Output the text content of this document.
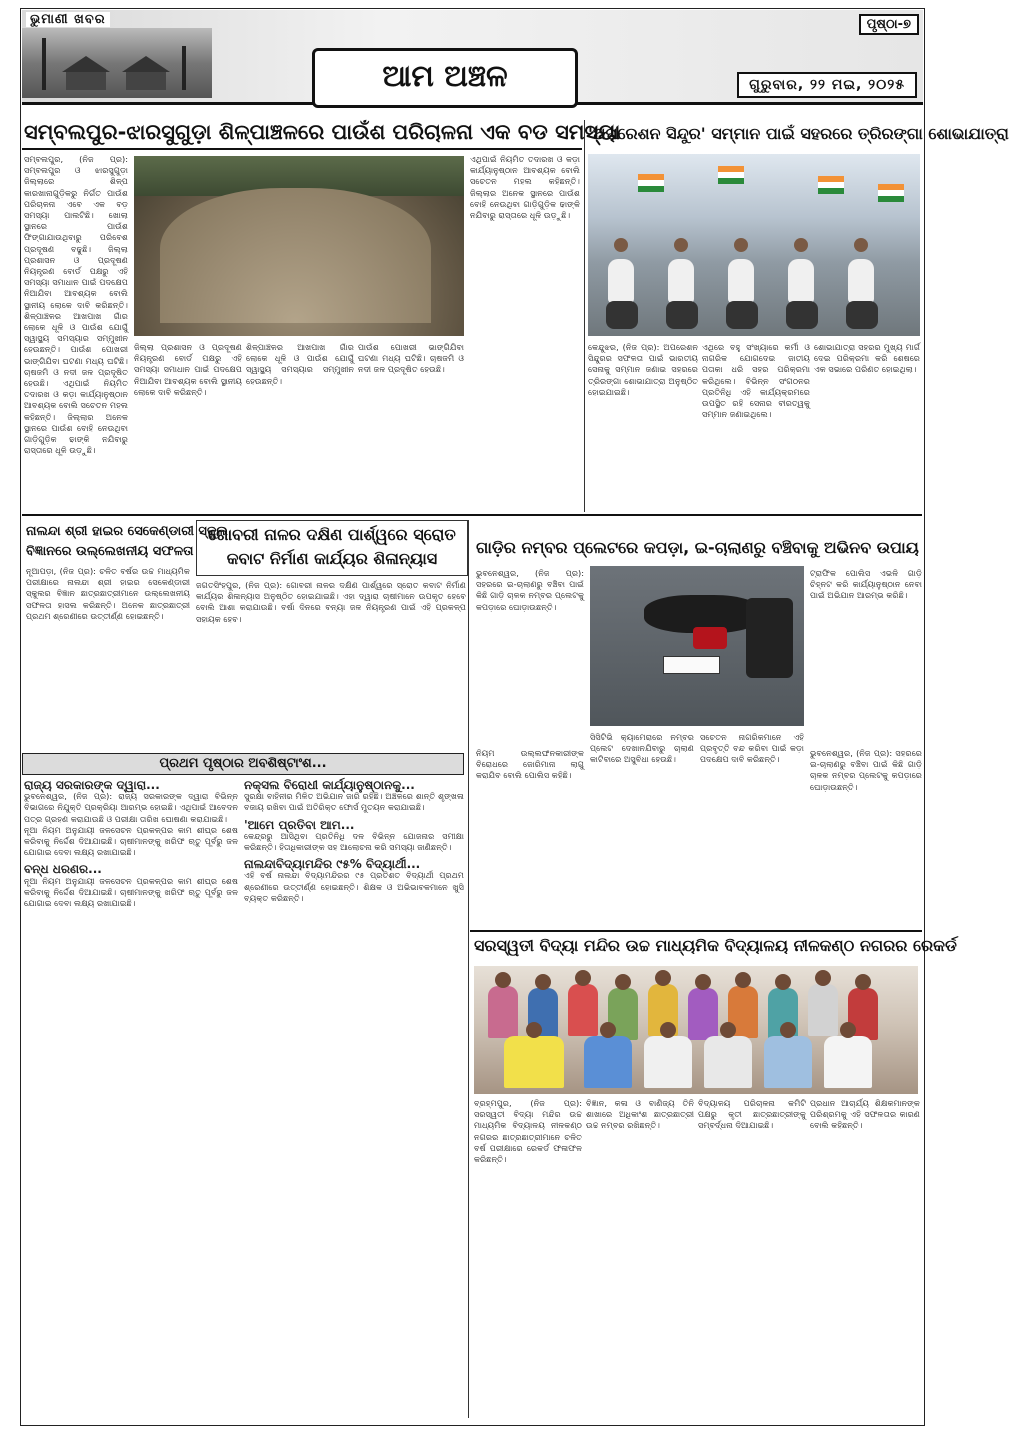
ଭୁମାଣୀ ଖବର
ଆମ ଅଞ୍ଚଳ
ପୃଷ୍ଠା-୭
ଗୁରୁବାର, ୨୨ ମଇ, ୨୦୨୫
ସମ୍ବଲପୁର-ଝାରସୁଗୁଡ଼ା ଶିଳ୍ପାଞ୍ଚଳରେ ପାଉଁଶ ପରିଚାଳନା ଏକ ବଡ ସମସ୍ୟା
ସମ୍ବଲପୁର, (ନିଜ ପ୍ର): ସମ୍ବଲପୁର ଓ ଝାରସୁଗୁଡ଼ା ଜିଲ୍ଲାରେ ଶିଳ୍ପ କାରଖାନାଗୁଡ଼ିକରୁ ନିର୍ଗତ ପାଉଁଶ ପରିଚାଳନା ଏବେ ଏକ ବଡ଼ ସମସ୍ୟା ପାଲଟିଛି। ଖୋଲା ସ୍ଥାନରେ ପାଉଁଶ ଫିଙ୍ଗାଯାଉଥିବାରୁ ପରିବେଶ ପ୍ରଦୂଷଣ ବଢୁଛି। ଜିଲ୍ଲା ପ୍ରଶାସନ ଓ ପ୍ରଦୂଷଣ ନିୟନ୍ତ୍ରଣ ବୋର୍ଡ ପକ୍ଷରୁ ଏହି ସମସ୍ୟା ସମାଧାନ ପାଇଁ ପଦକ୍ଷେପ ନିଆଯିବା ଆବଶ୍ୟକ ବୋଲି ସ୍ଥାନୀୟ ଲୋକେ ଦାବି କରିଛନ୍ତି। ଶିଳ୍ପାଞ୍ଚଳର ଆଖପାଖ ଗାଁର ଲୋକେ ଧୂଳି ଓ ପାଉଁଶ ଯୋଗୁଁ ସ୍ୱାସ୍ଥ୍ୟ ସମସ୍ୟାର ସମ୍ମୁଖୀନ ହେଉଛନ୍ତି। ପାଉଁଶ ପୋଖରୀ ଭାଙ୍ଗିଯିବା ଘଟଣା ମଧ୍ୟ ଘଟିଛି। ଚାଷଜମି ଓ ନଦୀ ଜଳ ପ୍ରଦୂଷିତ ହେଉଛି। ଏଥିପାଇଁ ନିୟମିତ ତଦାରଖ ଓ କଡ଼ା କାର୍ଯ୍ୟାନୁଷ୍ଠାନ ଆବଶ୍ୟକ ବୋଲି ସଚେତନ ମହଲ କହିଛନ୍ତି। ଜିଲ୍ଲାର ଅନେକ ସ୍ଥାନରେ ପାଉଁଶ ବୋହି ନେଉଥିବା ଗାଡ଼ିଗୁଡ଼ିକ ଢାଙ୍କି ନଯିବାରୁ ରାସ୍ତାରେ ଧୂଳି ଉଡ଼ୁଛି।
ଜିଲ୍ଲା ପ୍ରଶାସନ ଓ ପ୍ରଦୂଷଣ ନିୟନ୍ତ୍ରଣ ବୋର୍ଡ ପକ୍ଷରୁ ଏହି ସମସ୍ୟା ସମାଧାନ ପାଇଁ ପଦକ୍ଷେପ ନିଆଯିବା ଆବଶ୍ୟକ ବୋଲି ସ୍ଥାନୀୟ ଲୋକେ ଦାବି କରିଛନ୍ତି।
ଶିଳ୍ପାଞ୍ଚଳର ଆଖପାଖ ଗାଁର ଲୋକେ ଧୂଳି ଓ ପାଉଁଶ ଯୋଗୁଁ ସ୍ୱାସ୍ଥ୍ୟ ସମସ୍ୟାର ସମ୍ମୁଖୀନ ହେଉଛନ୍ତି।
ପାଉଁଶ ପୋଖରୀ ଭାଙ୍ଗିଯିବା ଘଟଣା ମଧ୍ୟ ଘଟିଛି। ଚାଷଜମି ଓ ନଦୀ ଜଳ ପ୍ରଦୂଷିତ ହେଉଛି।
ଏଥିପାଇଁ ନିୟମିତ ତଦାରଖ ଓ କଡ଼ା କାର୍ଯ୍ୟାନୁଷ୍ଠାନ ଆବଶ୍ୟକ ବୋଲି ସଚେତନ ମହଲ କହିଛନ୍ତି। ଜିଲ୍ଲାର ଅନେକ ସ୍ଥାନରେ ପାଉଁଶ ବୋହି ନେଉଥିବା ଗାଡ଼ିଗୁଡ଼ିକ ଢାଙ୍କି ନଯିବାରୁ ରାସ୍ତାରେ ଧୂଳି ଉଡ଼ୁଛି।
'ଅପରେଶନ ସିନ୍ଦୁର' ସମ୍ମାନ ପାଇଁ ସହରରେ ତ୍ରିରଙ୍ଗା ଶୋଭାଯାତ୍ରା
କେନ୍ଦୁଝର, (ନିଜ ପ୍ର): ଅପରେଶନ ସିନ୍ଦୁରର ସଫଳତା ପାଇଁ ଭାରତୀୟ ସେନାକୁ ସମ୍ମାନ ଜଣାଇ ସହରରେ ତ୍ରିରଙ୍ଗା ଶୋଭାଯାତ୍ରା ଅନୁଷ୍ଠିତ ହୋଇଯାଇଛି।
ଏଥିରେ ବହୁ ସଂଖ୍ୟାରେ କର୍ମୀ ଓ ନାଗରିକ ଯୋଗଦେଇ ଜାତୀୟ ପତାକା ଧରି ସହର ପରିକ୍ରମା କରିଥିଲେ। ବିଭିନ୍ନ ସଂଗଠନର ପ୍ରତିନିଧି ଏହି କାର୍ଯ୍ୟକ୍ରମରେ ଉପସ୍ଥିତ ରହି ସେନାର ବୀରତ୍ୱକୁ ସମ୍ମାନ ଜଣାଇଥିଲେ।
ଶୋଭାଯାତ୍ରା ସହରର ମୁଖ୍ୟ ମାର୍ଗ ଦେଇ ପରିକ୍ରମା କରି ଶେଷରେ ଏକ ସଭାରେ ପରିଣତ ହୋଇଥିଲା।
ନାଲନ୍ଦା ଶ୍ରୀ ହାଇର ସେକେଣ୍ଡାରୀ ସ୍କୁଲ
ବିଜ୍ଞାନରେ ଉଲ୍ଲେଖନୀୟ ସଫଳତା
ନୂଆପଡ଼ା, (ନିଜ ପ୍ର): ଚଳିତ ବର୍ଷର ଉଚ୍ଚ ମାଧ୍ୟମିକ ପରୀକ୍ଷାରେ ନାଲନ୍ଦା ଶ୍ରୀ ହାଇର ସେକେଣ୍ଡାରୀ ସ୍କୁଲର ବିଜ୍ଞାନ ଛାତ୍ରଛାତ୍ରୀମାନେ ଉଲ୍ଲେଖନୀୟ ସଫଳତା ହାସଲ କରିଛନ୍ତି। ଅନେକ ଛାତ୍ରଛାତ୍ରୀ ପ୍ରଥମ ଶ୍ରେଣୀରେ ଉତ୍ତୀର୍ଣ୍ଣ ହୋଇଛନ୍ତି।
ଗୋବରୀ ନାଳର ଦକ୍ଷିଣ ପାର୍ଶ୍ୱରେ ସ୍ରୋତ
କବାଟ ନିର୍ମାଣ କାର୍ଯ୍ୟର ଶିଳାନ୍ୟାସ
ଜଗତସିଂହପୁର, (ନିଜ ପ୍ର): ଗୋବରୀ ନାଳର ଦକ୍ଷିଣ ପାର୍ଶ୍ୱରେ ସ୍ରୋତ କବାଟ ନିର୍ମାଣ କାର୍ଯ୍ୟର ଶିଳାନ୍ୟାସ ଅନୁଷ୍ଠିତ ହୋଇଯାଇଛି। ଏହା ଦ୍ୱାରା ଚାଷୀମାନେ ଉପକୃତ ହେବେ ବୋଲି ଆଶା କରାଯାଉଛି। ବର୍ଷା ଦିନରେ ବନ୍ୟା ଜଳ ନିୟନ୍ତ୍ରଣ ପାଇଁ ଏହି ପ୍ରକଳ୍ପ ସହାୟକ ହେବ।
ଗାଡ଼ିର ନମ୍ବର ପ୍ଲେଟରେ କପଡ଼ା, ଇ-ଚାଲାଣରୁ ବଞ୍ଚିବାକୁ ଅଭିନବ ଉପାୟ
ଭୁବନେଶ୍ୱର, (ନିଜ ପ୍ର): ସହରରେ ଇ-ଚାଲାଣରୁ ବଞ୍ଚିବା ପାଇଁ କିଛି ଗାଡ଼ି ଚାଳକ ନମ୍ବର ପ୍ଲେଟକୁ କପଡ଼ାରେ ଘୋଡ଼ାଉଛନ୍ତି।
ଟ୍ରାଫିକ ପୋଲିସ ଏଭଳି ଗାଡ଼ି ଚିହ୍ନଟ କରି କାର୍ଯ୍ୟାନୁଷ୍ଠାନ ନେବା ପାଇଁ ଅଭିଯାନ ଆରମ୍ଭ କରିଛି।
ନିୟମ ଉଲ୍ଲଙ୍ଘନକାରୀଙ୍କ ବିରୋଧରେ ଜୋରିମାନା ଲାଗୁ କରାଯିବ ବୋଲି ପୋଲିସ କହିଛି।
ସିସିଟିଭି କ୍ୟାମେରାରେ ନମ୍ବର ପ୍ଲେଟ ଦେଖାନଯିବାରୁ ଚାଲାଣ କାଟିବାରେ ଅସୁବିଧା ହେଉଛି।
ସଚେତନ ନାଗରିକମାନେ ଏହି ପ୍ରବୃତ୍ତି ବନ୍ଦ କରିବା ପାଇଁ କଡ଼ା ପଦକ୍ଷେପ ଦାବି କରିଛନ୍ତି।
ଭୁବନେଶ୍ୱର, (ନିଜ ପ୍ର): ସହରରେ ଇ-ଚାଲାଣରୁ ବଞ୍ଚିବା ପାଇଁ କିଛି ଗାଡ଼ି ଚାଳକ ନମ୍ବର ପ୍ଲେଟକୁ କପଡ଼ାରେ ଘୋଡ଼ାଉଛନ୍ତି।
ପ୍ରଥମ ପୃଷ୍ଠାର ଅବଶିଷ୍ଟାଂଶ...
ରାଜ୍ୟ ସରକାରଙ୍କ ଦ୍ୱାରା...
ଭୁବନେଶ୍ୱର, (ନିଜ ପ୍ର): ରାଜ୍ୟ ସରକାରଙ୍କ ଦ୍ୱାରା ବିଭିନ୍ନ ବିଭାଗରେ ନିଯୁକ୍ତି ପ୍ରକ୍ରିୟା ଆରମ୍ଭ ହୋଇଛି। ଏଥିପାଇଁ ଆବେଦନ ପତ୍ର ଗ୍ରହଣ କରାଯାଉଛି ଓ ପରୀକ୍ଷା ତାରିଖ ଘୋଷଣା କରାଯାଇଛି।
ନୂଆ ନିୟମ ଅନୁଯାୟୀ ଜଳସେଚନ ପ୍ରକଳ୍ପର କାମ ଶୀଘ୍ର ଶେଷ କରିବାକୁ ନିର୍ଦ୍ଦେଶ ଦିଆଯାଇଛି। ଚାଷୀମାନଙ୍କୁ ଖରିଫ ଋତୁ ପୂର୍ବରୁ ଜଳ ଯୋଗାଇ ଦେବା ଲକ୍ଷ୍ୟ ରଖାଯାଇଛି।

ବନ୍ଧ ଧରଣର...
ନୂଆ ନିୟମ ଅନୁଯାୟୀ ଜଳସେଚନ ପ୍ରକଳ୍ପର କାମ ଶୀଘ୍ର ଶେଷ କରିବାକୁ ନିର୍ଦ୍ଦେଶ ଦିଆଯାଇଛି। ଚାଷୀମାନଙ୍କୁ ଖରିଫ ଋତୁ ପୂର୍ବରୁ ଜଳ ଯୋଗାଇ ଦେବା ଲକ୍ଷ୍ୟ ରଖାଯାଇଛି।
ନକ୍ସଲ ବିରୋଧୀ କାର୍ଯ୍ୟାନୁଷ୍ଠାନକୁ...
ସୁରକ୍ଷା ବାହିନୀର ମିଳିତ ଅଭିଯାନ ଜାରି ରହିଛି। ଅଞ୍ଚଳରେ ଶାନ୍ତି ଶୃଙ୍ଖଳା ବଜାୟ ରଖିବା ପାଇଁ ଅତିରିକ୍ତ ଫୋର୍ସ ମୁତୟନ କରାଯାଇଛି।

'ଆମେ ପ୍ରତିବା ଆମ...
କେନ୍ଦ୍ରରୁ ଆସିଥିବା ପ୍ରତିନିଧି ଦଳ ବିଭିନ୍ନ ଯୋଜନାର ସମୀକ୍ଷା କରିଛନ୍ତି। ହିତାଧିକାରୀଙ୍କ ସହ ଆଲୋଚନା କରି ସମସ୍ୟା ଜାଣିଛନ୍ତି।

ନାଲନ୍ଦାବିଦ୍ୟାମନ୍ଦିର ୯୫% ବିଦ୍ୟାର୍ଥୀ...
ଏହି ବର୍ଷ ନାଲନ୍ଦା ବିଦ୍ୟାମନ୍ଦିରର ୯୫ ପ୍ରତିଶତ ବିଦ୍ୟାର୍ଥୀ ପ୍ରଥମ ଶ୍ରେଣୀରେ ଉତ୍ତୀର୍ଣ୍ଣ ହୋଇଛନ୍ତି। ଶିକ୍ଷକ ଓ ଅଭିଭାବକମାନେ ଖୁସି ବ୍ୟକ୍ତ କରିଛନ୍ତି।
ସରସ୍ୱତୀ ବିଦ୍ୟା ମନ୍ଦିର ଉଚ୍ଚ ମାଧ୍ୟମିକ ବିଦ୍ୟାଳୟ ନୀଳକଣ୍ଠ ନଗରର ରେକର୍ଡ
ବ୍ରହ୍ମପୁର, (ନିଜ ପ୍ର): ସରସ୍ୱତୀ ବିଦ୍ୟା ମନ୍ଦିର ଉଚ୍ଚ ମାଧ୍ୟମିକ ବିଦ୍ୟାଳୟ ନୀଳକଣ୍ଠ ନଗରର ଛାତ୍ରଛାତ୍ରୀମାନେ ଚଳିତ ବର୍ଷ ପରୀକ୍ଷାରେ ରେକର୍ଡ ଫଳାଫଳ କରିଛନ୍ତି।
ବିଜ୍ଞାନ, କଳା ଓ ବାଣିଜ୍ୟ ତିନି ଶାଖାରେ ଅଧିକାଂଶ ଛାତ୍ରଛାତ୍ରୀ ଉଚ୍ଚ ନମ୍ବର ରଖିଛନ୍ତି।
ବିଦ୍ୟାଳୟ ପରିଚାଳନା କମିଟି ପକ୍ଷରୁ କୃତୀ ଛାତ୍ରଛାତ୍ରୀଙ୍କୁ ସମ୍ବର୍ଦ୍ଧନା ଦିଆଯାଇଛି।
ପ୍ରଧାନ ଆଚାର୍ଯ୍ୟ ଶିକ୍ଷକମାନଙ୍କ ପରିଶ୍ରମକୁ ଏହି ସଫଳତାର କାରଣ ବୋଲି କହିଛନ୍ତି।
